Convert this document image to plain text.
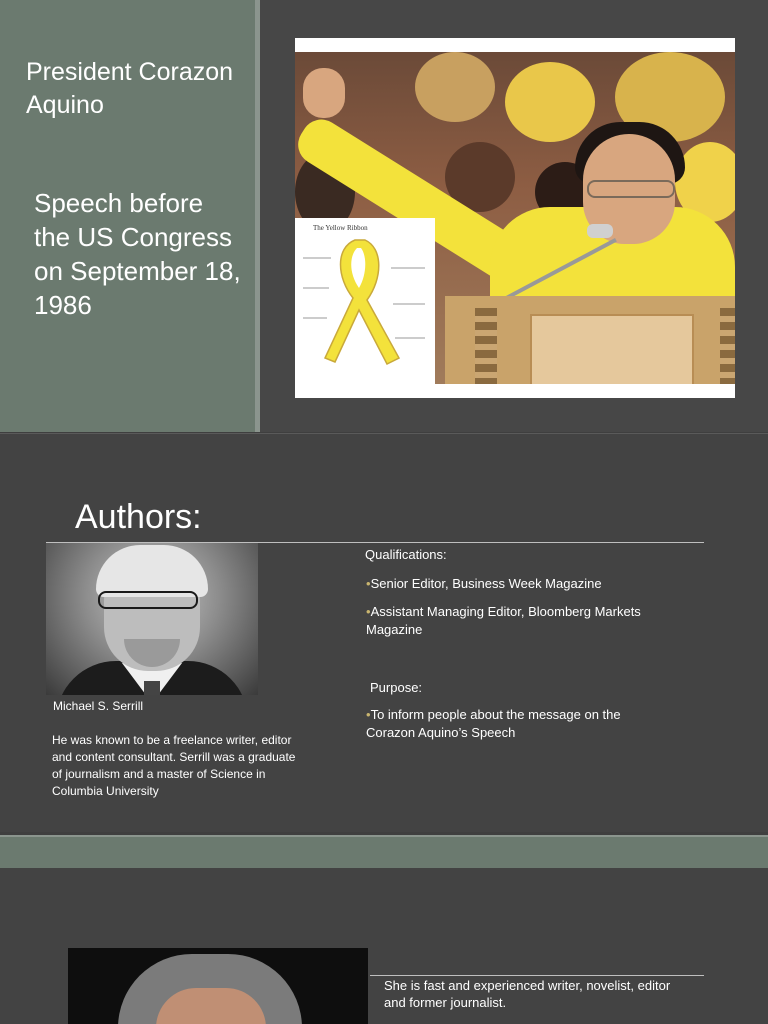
President Corazon Aquino
Speech before the US Congress on September 18, 1986
The Yellow Ribbon
Authors:
Michael S. Serrill
He was known to be a freelance writer, editor and content consultant. Serrill was a graduate of journalism and a master of Science in Columbia University
Qualifications:
•Senior Editor, Business Week Magazine
•Assistant Managing Editor, Bloomberg Markets Magazine
Purpose:
•To inform people about the message on the Corazon Aquino’s Speech
She is fast and experienced writer, novelist, editor and former journalist.
